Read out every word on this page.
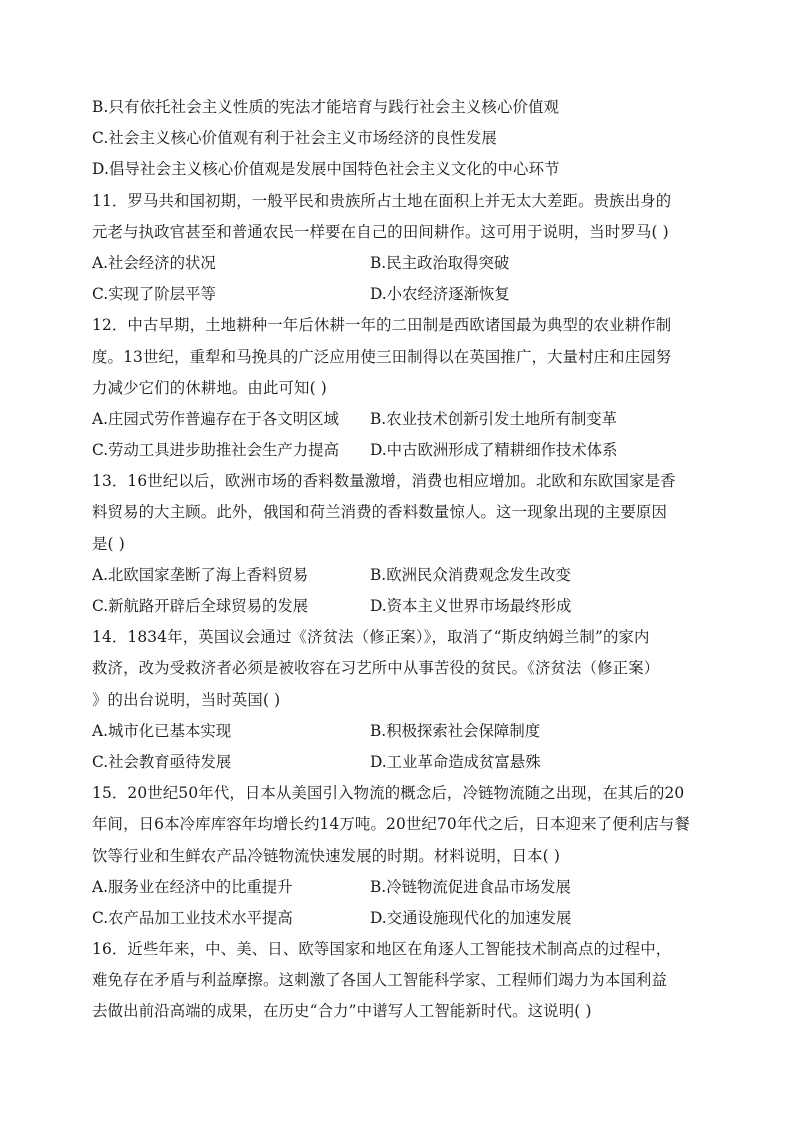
B.只有依托社会主义性质的宪法才能培育与践行社会主义核心价值观
C.社会主义核心价值观有利于社会主义市场经济的良性发展
D.倡导社会主义核心价值观是发展中国特色社会主义文化的中心环节
11．罗马共和国初期，一般平民和贵族所占土地在面积上并无太大差距。贵族出身的
元老与执政官甚至和普通农民一样要在自己的田间耕作。这可用于说明，当时罗马( )
A.社会经济的状况	B.民主政治取得突破
C.实现了阶层平等	D.小农经济逐渐恢复
12．中古早期，土地耕种一年后休耕一年的二田制是西欧诸国最为典型的农业耕作制
度。13世纪，重犁和马挽具的广泛应用使三田制得以在英国推广，大量村庄和庄园努
力减少它们的休耕地。由此可知( )
A.庄园式劳作普遍存在于各文明区域	B.农业技术创新引发土地所有制变革
C.劳动工具进步助推社会生产力提高	D.中古欧洲形成了精耕细作技术体系
13．16世纪以后，欧洲市场的香料数量激增，消费也相应增加。北欧和东欧国家是香
料贸易的大主顾。此外，俄国和荷兰消费的香料数量惊人。这一现象出现的主要原因
是( )
A.北欧国家垄断了海上香料贸易	B.欧洲民众消费观念发生改变
C.新航路开辟后全球贸易的发展	D.资本主义世界市场最终形成
14．1834年，英国议会通过《济贫法（修正案）》，取消了“斯皮纳姆兰制”的家内
救济，改为受救济者必须是被收容在习艺所中从事苦役的贫民。《济贫法（修正案）
》的出台说明，当时英国( )
A.城市化已基本实现	B.积极探索社会保障制度
C.社会教育亟待发展	D.工业革命造成贫富悬殊
15．20世纪50年代，日本从美国引入物流的概念后，冷链物流随之出现，在其后的20
年间，日6本冷库库容年均增长约14万吨。20世纪70年代之后，日本迎来了便利店与餐
饮等行业和生鲜农产品冷链物流快速发展的时期。材料说明，日本( )
A.服务业在经济中的比重提升	B.冷链物流促进食品市场发展
C.农产品加工业技术水平提高	D.交通设施现代化的加速发展
16．近些年来，中、美、日、欧等国家和地区在角逐人工智能技术制高点的过程中，
难免存在矛盾与利益摩擦。这刺激了各国人工智能科学家、工程师们竭力为本国利益
去做出前沿高端的成果，在历史“合力”中谱写人工智能新时代。这说明( )
